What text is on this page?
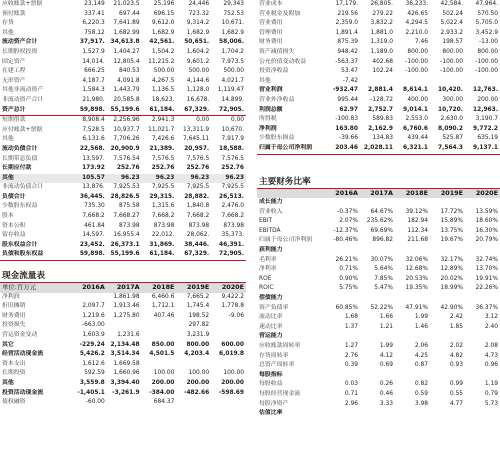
应收账款+票据	23,149	21,023.5	25,196	24,446	29,343
预付账款	337.41	697.44	696.15	723.32	752.53
存货	6,220.3	7,641.89	9,612.0	9,314.2	10,671.
其他	758.12	1,682.99	1,682.9	1,682.9	1,682.9
流动资产合计	37,917.	34,613.8	42,561.	50,651.	58,006.
长期股权投资	1,527.9	1,404.27	1,504.2	1,604.2	1,704.2
固定资产	14,014.	12,805.4	11,215.2	9,601.2	7,973.5
在建工程	666.25	840.53	500.00	500.00	500.00
无形资产	4,187.7	4,091.8	4,267.5	4,144.6	4,021.7
其他非流动资产	1,584.3	1,443.79	1,136.5	1,128.0	1,119.47
非流动资产合计	21,980.	20,585.8	18,623.	16,678.	14,899.
资产总计	59,898.	55,199.6	61,184.	67,329.	72,905.
短期借款	8,908.4	2,256.96	2,941.3	0.00	0.00
应付账款+票据	7,528.5	10,937.7	11,021.7	13,311.9	10,670.
其他	6,131.6	7,706.26	7,426.6	7,645.11	7,917.9
流动负债合计	22,568.	20,900.9	21,389.	20,957.	18,588.
长期带息负债	13,597.	7,576.54	7,576.5	7,576.5	7,576.5
长期应付款	173.92	252.76	252.76	252.76	252.76
其他	105.57	96.23	96.23	96.23	96.23
非流动负债合计	13,876.	7,925.53	7,925.5	7,925.5	7,925.5
负债合计	36,445.	28,826.5	29,315.	28,882.	26,513.
少数股东权益	735.30	875.58	1,315.6	1,840.8	2,476.0
股本	7,668.2	7,668.27	7,668.2	7,668.2	7,668.2
资本公积	461.84	873.98	873.98	873.98	873.98
留存收益	14,597.	16,955.4	22,012.	28,062.	35,373.
股东权益合计	23,452.	26,373.1	31,869.	38,446.	46,391.
负债和股东权益	59,898.	55,199.6	61,184.	67,329.	72,905.
现金流量表
单位:百万元	2016A	2017A	2018E	2019E	2020E
净利润		1,861.98	6,460.6	7,665.2	9,422.2
折旧摊销	2,097.7	1,913.46	1,712.1	1,745.4	1,778.8
财务费用	1,219.6	1,275.80	407.46	198.52	-9.06
投资损失	-663.00			297.82	
营运资金变动	1,603.9	1,231.6		3,231.9	
其它	-229.24	2,134.48	850.00	800.00	600.00
经营活动现金流	5,426.2	3,514.34	4,501.5	4,203.4	6,019.8
资本支出	1,612.6	1,669.58			
长期投资	592.59	1,660.96	100.00	100.00	100.00
其他	3,559.8	3,394.40	200.00	200.00	200.00
投资活动现金流	-1,405.1	-3,261.9	-384.00	-482.66	-598.69
债权融资	-60.00		684.37		
营业成本	17,179.	26,805.	36,233.	42,584.	47,964.
营业税金及附加	219.56	279.22	426.65	502.24	570.50
营业费用	2,359.0	3,832.2	4,294.5	5,022.4	5,705.0
管理费用	1,891.4	1,881.0	2,210.0	2,933.2	3,452.9
财务费用	875.39	1,319.0	7.46	198.57	-13.00
资产减值损失	948.42	1,189.0	800.00	800.00	800.00
公允价值变动收益	-563.37	402.68	-100.00	-100.00	-100.00
投资净收益	53.47	102.24	-100.00	-100.00	-100.00
其他	-7.42				
营业利润	-932.47	2,881.4	8,614.1	10,420.	12,763.
营业外净收益	995.44	-128.72	400.00	300.00	200.00
利润总额	62.97	2,752.7	9,014.1	10,720.	12,963.
所得税	-100.83	589.83	2,553.0	2,630.0	3,190.7
净利润	163.80	2,162.9	6,760.6	8,090.2	9,772.2
少数股东损益	-39.66	134.83	439.44	525.87	635.19
归属于母公司净利润	203.46	2,028.11	6,321.1	7,564.3	9,137.1
主要财务比率
	2016A	2017A	2018E	2019E	2020E
成长能力					
营业收入	-0.37%	64.67%	39.12%	17.72%	13.59%
EBIT	2.07%	235.62%	182.94	15.89%	18.60%
EBITDA	-12.37%	69.69%	112.34	13.75%	16.30%
归属于母公司净利润	-80.46%	896.82	211.68	19.67%	20.79%
获利能力					
毛利率	26.21%	30.07%	32.06%	32.17%	32.74%
净利率	0.71%	5.64%	12.68%	12.89%	13.70%
ROE	0.90%	7.85%	20.53%	20.02%	19.91%
ROIC	5.75%	5.47%	19.35%	18.99%	22.26%
偿债能力					
资产负债率	60.85%	52.22%	47.91%	42.90%	36.37%
流动比率	1.68	1.66	1.99	2.42	3.12
速动比率	1.37	1.21	1.46	1.85	2.40
营运能力					
应收账款周转率	1.27	1.99	2.06	2.02	2.08
存货周转率	2.76	4.12	4.25	4.82	4.73
总资产周转率	0.39	0.69	0.87	0.93	0.96
每股指标					
每股收益	0.03	0.26	0.82	0.99	1.19
每股经营现金流	0.71	0.46	0.59	0.55	0.79
每股净资产	2.96	3.33	3.98	4.77	5.73
估值比率					
